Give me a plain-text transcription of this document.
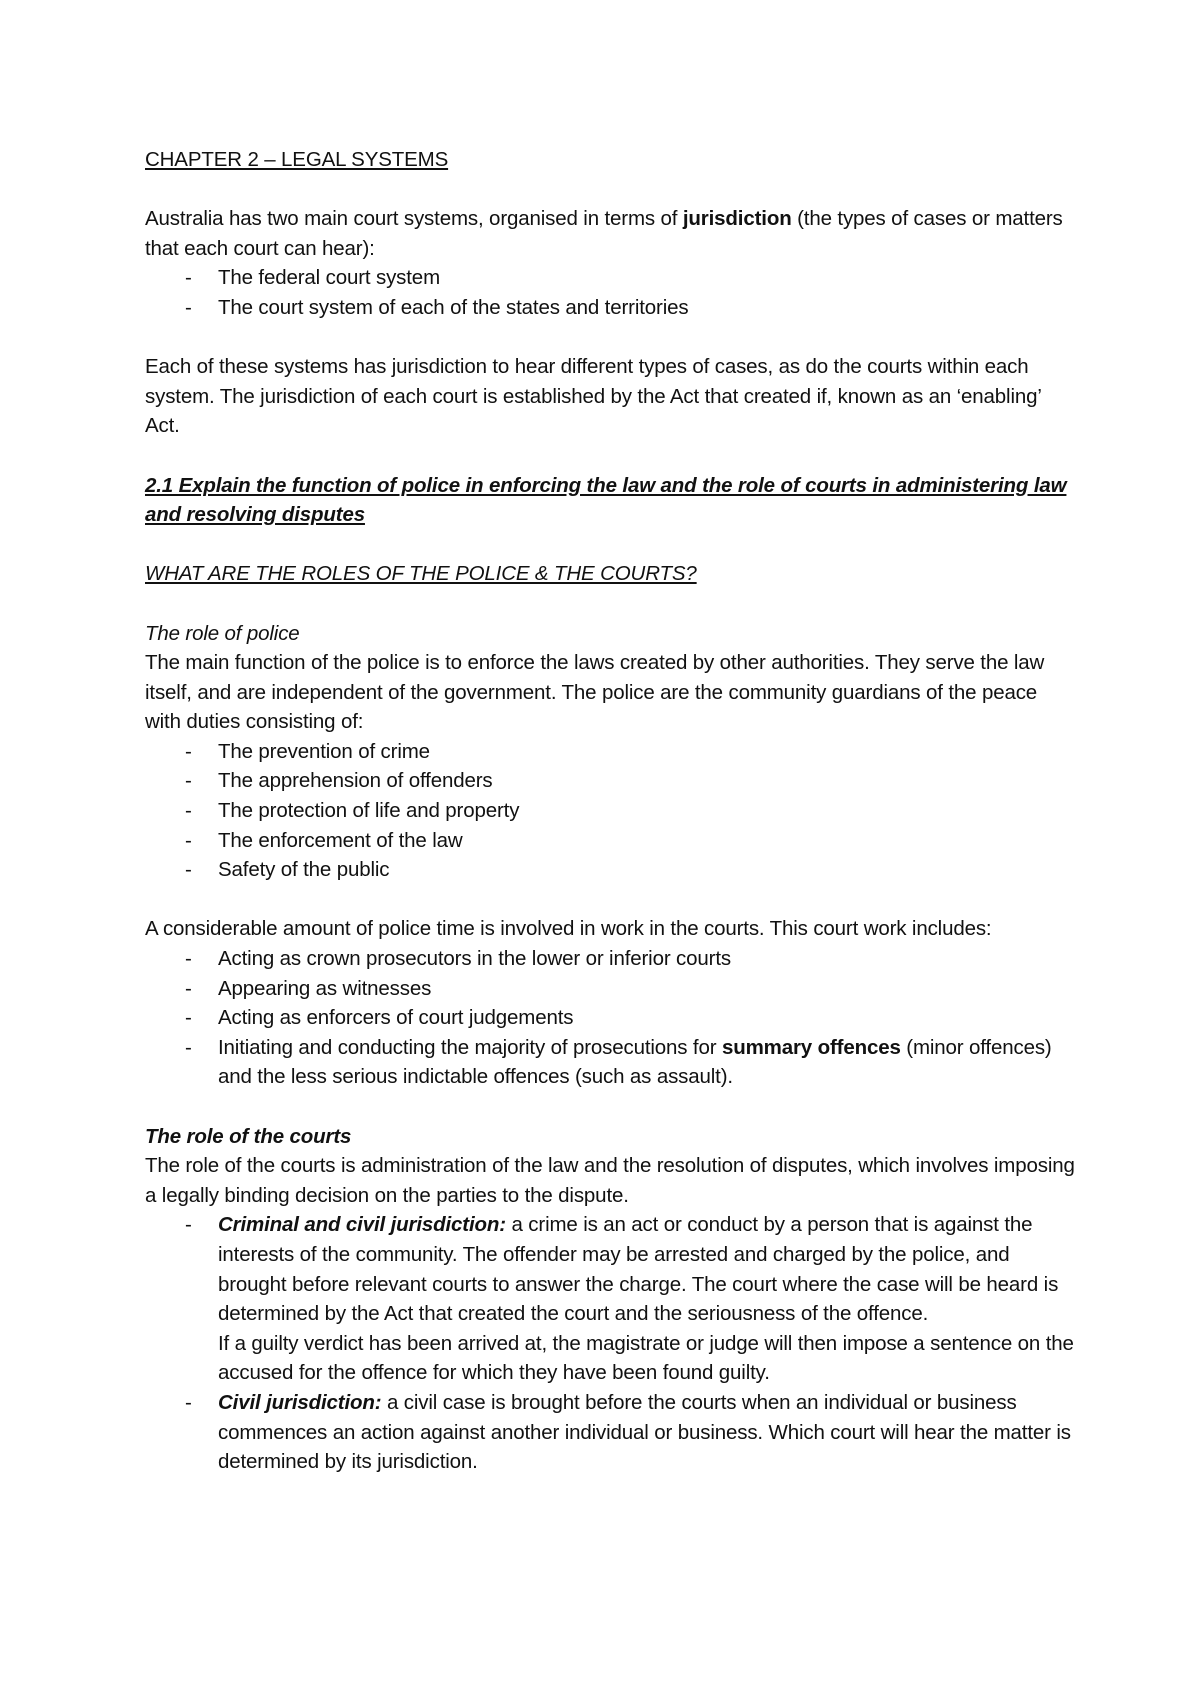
CHAPTER 2 – LEGAL SYSTEMS

Australia has two main court systems, organised in terms of jurisdiction (the types of cases or matters that each court can hear):

- The federal court system
- The court system of each of the states and territories

Each of these systems has jurisdiction to hear different types of cases, as do the courts within each system. The jurisdiction of each court is established by the Act that created if, known as an ‘enabling’ Act.

2.1 Explain the function of police in enforcing the law and the role of courts in administering law and resolving disputes

WHAT ARE THE ROLES OF THE POLICE & THE COURTS?

The role of police

The main function of the police is to enforce the laws created by other authorities. They serve the law itself, and are independent of the government. The police are the community guardians of the peace with duties consisting of:

- The prevention of crime
- The apprehension of offenders
- The protection of life and property
- The enforcement of the law
- Safety of the public

A considerable amount of police time is involved in work in the courts. This court work includes:

- Acting as crown prosecutors in the lower or inferior courts
- Appearing as witnesses
- Acting as enforcers of court judgements
- Initiating and conducting the majority of prosecutions for summary offences (minor offences) and the less serious indictable offences (such as assault).

The role of the courts

The role of the courts is administration of the law and the resolution of disputes, which involves imposing a legally binding decision on the parties to the dispute.

- Criminal and civil jurisdiction: a crime is an act or conduct by a person that is against the interests of the community. The offender may be arrested and charged by the police, and brought before relevant courts to answer the charge. The court where the case will be heard is determined by the Act that created the court and the seriousness of the offence.
If a guilty verdict has been arrived at, the magistrate or judge will then impose a sentence on the accused for the offence for which they have been found guilty.
- Civil jurisdiction: a civil case is brought before the courts when an individual or business commences an action against another individual or business. Which court will hear the matter is determined by its jurisdiction.
